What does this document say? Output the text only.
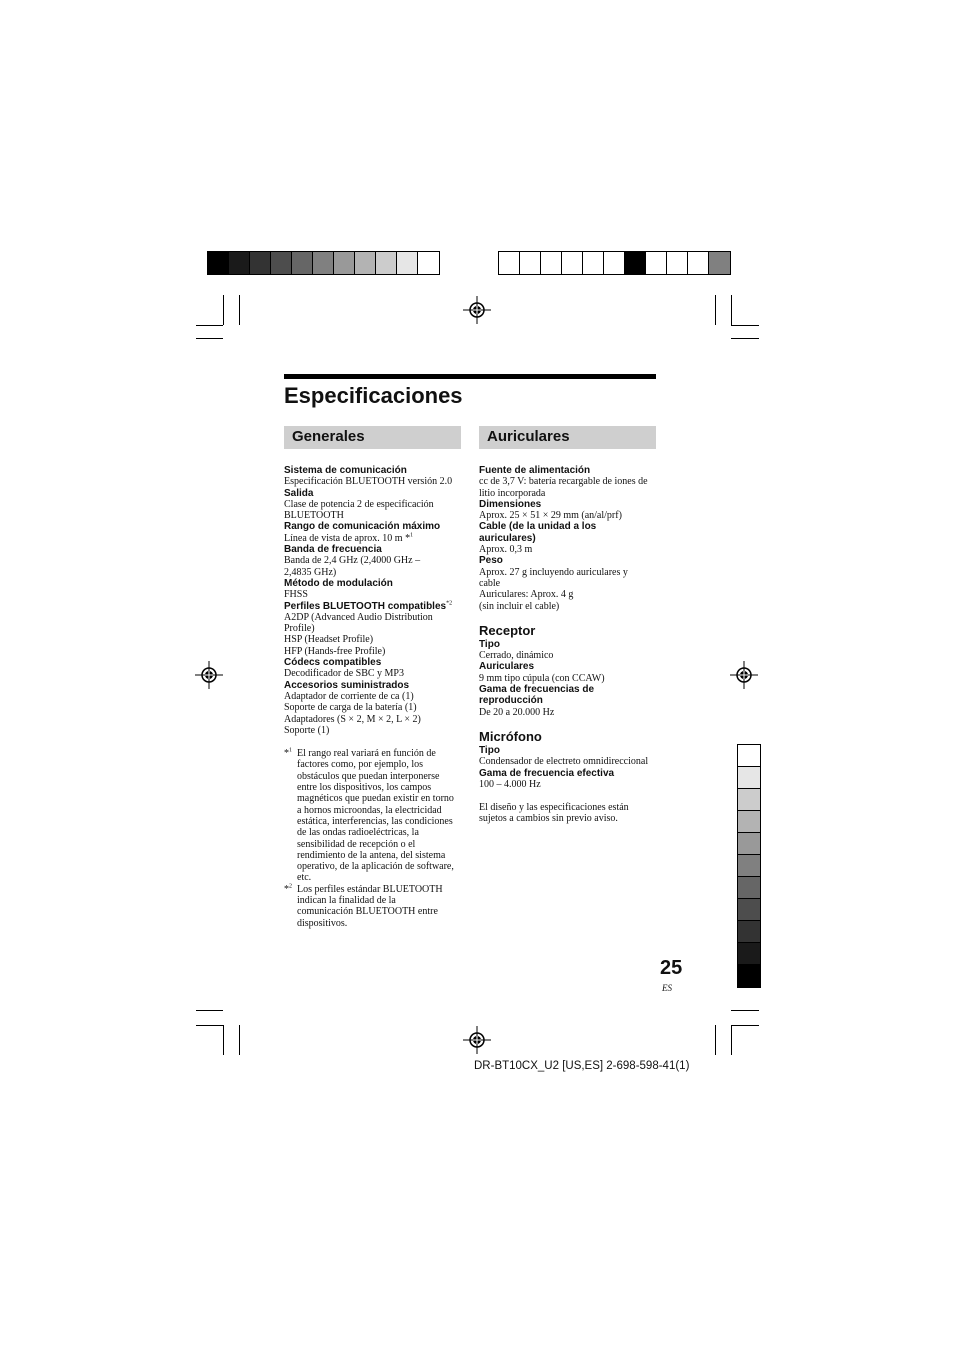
Especificaciones
Generales	Auriculares
Sistema de comunicación
Especificación BLUETOOTH versión 2.0
Salida
Clase de potencia 2 de especificación
BLUETOOTH
Rango de comunicación máximo
Línea de vista de aprox. 10 m *$^1$
Banda de frecuencia
Banda de 2,4 GHz (2,4000 GHz –
2,4835 GHz)
Método de modulación
FHSS
Perfiles BLUETOOTH compatibles$^{*2}$
A2DP (Advanced Audio Distribution
Profile)
HSP (Headset Profile)
HFP (Hands-free Profile)
Códecs compatibles
Decodificador de SBC y MP3
Accesorios suministrados
Adaptador de corriente de ca (1)
Soporte de carga de la batería (1)
Adaptadores (S × 2, M × 2, L × 2)
Soporte (1)
*$^1$ El rango real variará en función de
factores como, por ejemplo, los
obstáculos que puedan interponerse
entre los dispositivos, los campos
magnéticos que puedan existir en torno
a hornos microondas, la electricidad
estática, interferencias, las condiciones
de las ondas radioeléctricas, la
sensibilidad de recepción o el
rendimiento de la antena, del sistema
operativo, de la aplicación de software,
etc.
*$^2$ Los perfiles estándar BLUETOOTH
indican la finalidad de la
comunicación BLUETOOTH entre
dispositivos.
Fuente de alimentación
cc de 3,7 V: batería recargable de iones de
litio incorporada
Dimensiones
Aprox. 25 × 51 × 29 mm (an/al/prf)
Cable (de la unidad a los
auriculares)
Aprox. 0,3 m
Peso
Aprox. 27 g incluyendo auriculares y
cable
Auriculares: Aprox. 4 g
(sin incluir el cable)
Receptor
Tipo
Cerrado, dinámico
Auriculares
9 mm tipo cúpula (con CCAW)
Gama de frecuencias de
reproducción
De 20 a 20.000 Hz
Micrófono
Tipo
Condensador de electreto omnidireccional
Gama de frecuencia efectiva
100 – 4.000 Hz
El diseño y las especificaciones están
sujetos a cambios sin previo aviso.
25
ES
DR-BT10CX_U2 [US,ES] 2-698-598-41(1)
